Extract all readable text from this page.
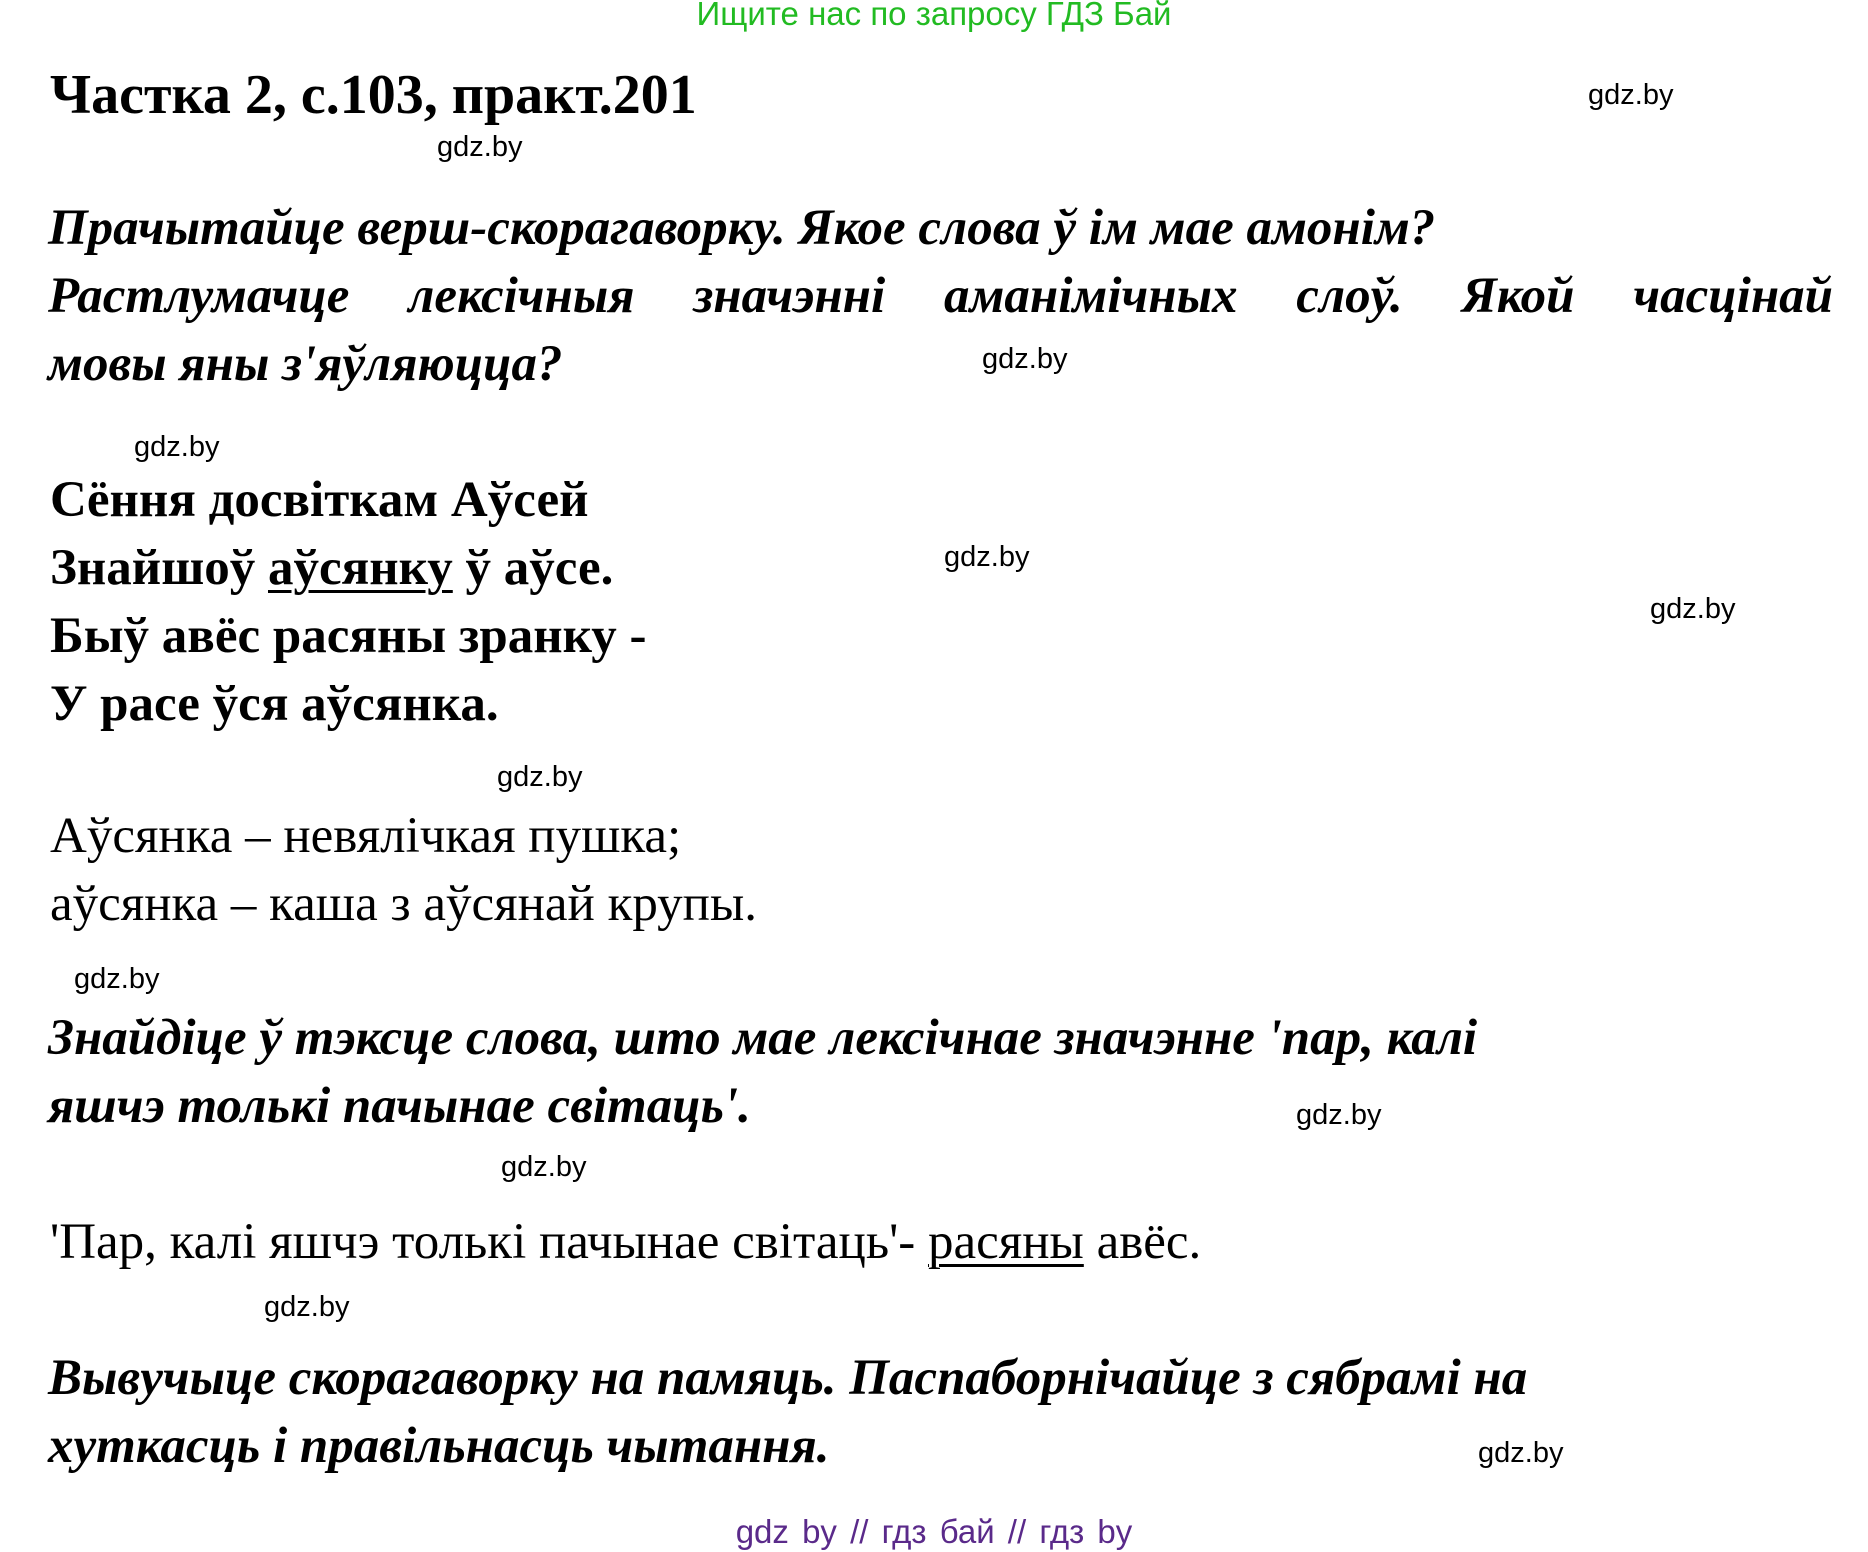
Ищите нас по запросу ГДЗ Бай
Частка 2, с.103, практ.201	gdz.by
gdz.by
gdz.by
gdz.by
gdz.by
gdz.by
gdz.by
gdz.by
gdz.by
gdz.by
gdz.by
gdz.by
Прачытайце верш-скорагаворку. Якое слова ў ім мае амонім?
Растлумачце лексічныя значэнні аманімічных слоў. Якой часцінай
мовы яны з'яўляюцца?
Сёння досвіткам Аўсей
Знайшоў аўсянку ў аўсе.
Быў авёс расяны зранку -
У расе ўся аўсянка.
Аўсянка – невялічкая пушка;
аўсянка – каша з аўсянай крупы.
Знайдіце ў тэксце слова, што мае лексічнае значэнне 'пар, калі
яшчэ толькі пачынае світаць'.
'Пар, калі яшчэ толькі пачынае світаць'- расяны авёс.
Вывучыце скорагаворку на памяць. Паспаборнічайце з сябрамі на
хуткасць і правільнасць чытання.
gdz by // гдз бай // гдз by
